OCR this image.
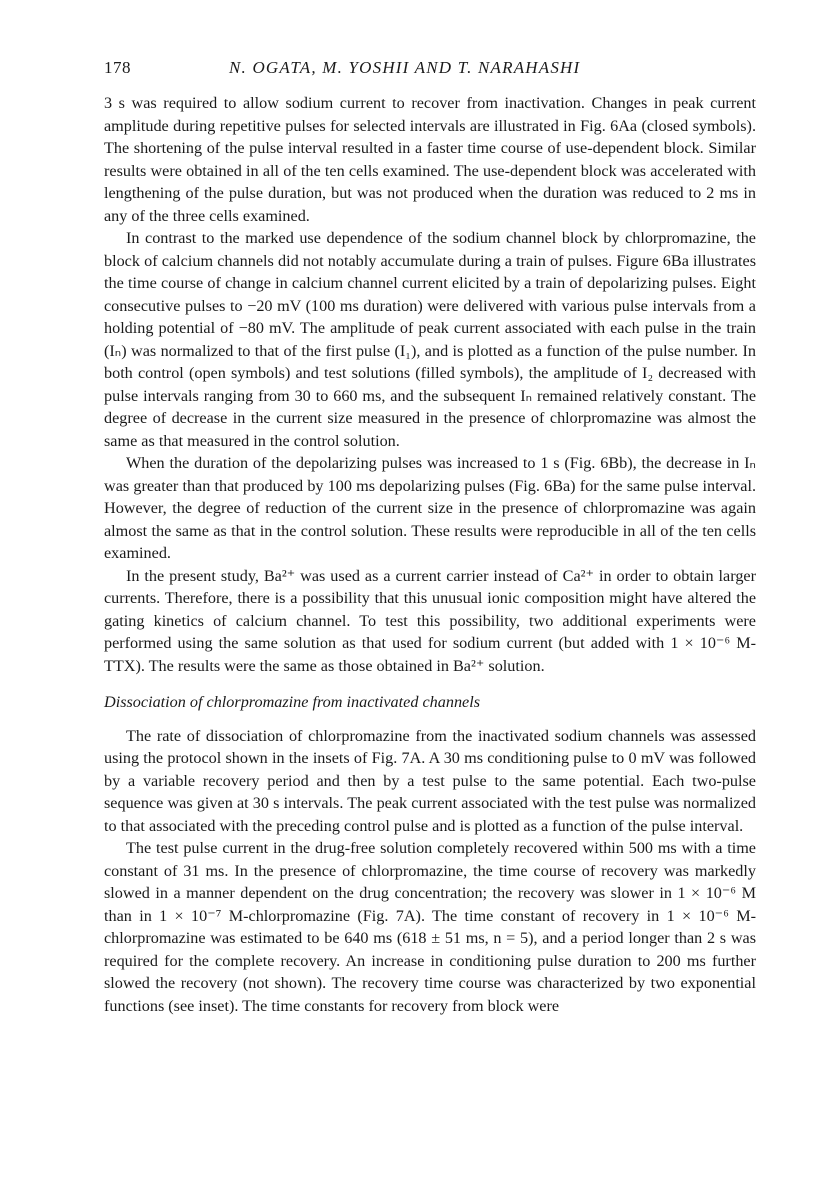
178	N. OGATA, M. YOSHII AND T. NARAHASHI

3 s was required to allow sodium current to recover from inactivation. Changes in peak current amplitude during repetitive pulses for selected intervals are illustrated in Fig. 6Aa (closed symbols). The shortening of the pulse interval resulted in a faster time course of use-dependent block. Similar results were obtained in all of the ten cells examined. The use-dependent block was accelerated with lengthening of the pulse duration, but was not produced when the duration was reduced to 2 ms in any of the three cells examined.

In contrast to the marked use dependence of the sodium channel block by chlorpromazine, the block of calcium channels did not notably accumulate during a train of pulses. Figure 6Ba illustrates the time course of change in calcium channel current elicited by a train of depolarizing pulses. Eight consecutive pulses to −20 mV (100 ms duration) were delivered with various pulse intervals from a holding potential of −80 mV. The amplitude of peak current associated with each pulse in the train (Iₙ) was normalized to that of the first pulse (I₁), and is plotted as a function of the pulse number. In both control (open symbols) and test solutions (filled symbols), the amplitude of I₂ decreased with pulse intervals ranging from 30 to 660 ms, and the subsequent Iₙ remained relatively constant. The degree of decrease in the current size measured in the presence of chlorpromazine was almost the same as that measured in the control solution.

When the duration of the depolarizing pulses was increased to 1 s (Fig. 6Bb), the decrease in Iₙ was greater than that produced by 100 ms depolarizing pulses (Fig. 6Ba) for the same pulse interval. However, the degree of reduction of the current size in the presence of chlorpromazine was again almost the same as that in the control solution. These results were reproducible in all of the ten cells examined.

In the present study, Ba²⁺ was used as a current carrier instead of Ca²⁺ in order to obtain larger currents. Therefore, there is a possibility that this unusual ionic composition might have altered the gating kinetics of calcium channel. To test this possibility, two additional experiments were performed using the same solution as that used for sodium current (but added with 1 × 10⁻⁶ M-TTX). The results were the same as those obtained in Ba²⁺ solution.

Dissociation of chlorpromazine from inactivated channels

The rate of dissociation of chlorpromazine from the inactivated sodium channels was assessed using the protocol shown in the insets of Fig. 7A. A 30 ms conditioning pulse to 0 mV was followed by a variable recovery period and then by a test pulse to the same potential. Each two-pulse sequence was given at 30 s intervals. The peak current associated with the test pulse was normalized to that associated with the preceding control pulse and is plotted as a function of the pulse interval.

The test pulse current in the drug-free solution completely recovered within 500 ms with a time constant of 31 ms. In the presence of chlorpromazine, the time course of recovery was markedly slowed in a manner dependent on the drug concentration; the recovery was slower in 1 × 10⁻⁶ M than in 1 × 10⁻⁷ M-chlorpromazine (Fig. 7A). The time constant of recovery in 1 × 10⁻⁶ M-chlorpromazine was estimated to be 640 ms (618 ± 51 ms, n = 5), and a period longer than 2 s was required for the complete recovery. An increase in conditioning pulse duration to 200 ms further slowed the recovery (not shown). The recovery time course was characterized by two exponential functions (see inset). The time constants for recovery from block were
